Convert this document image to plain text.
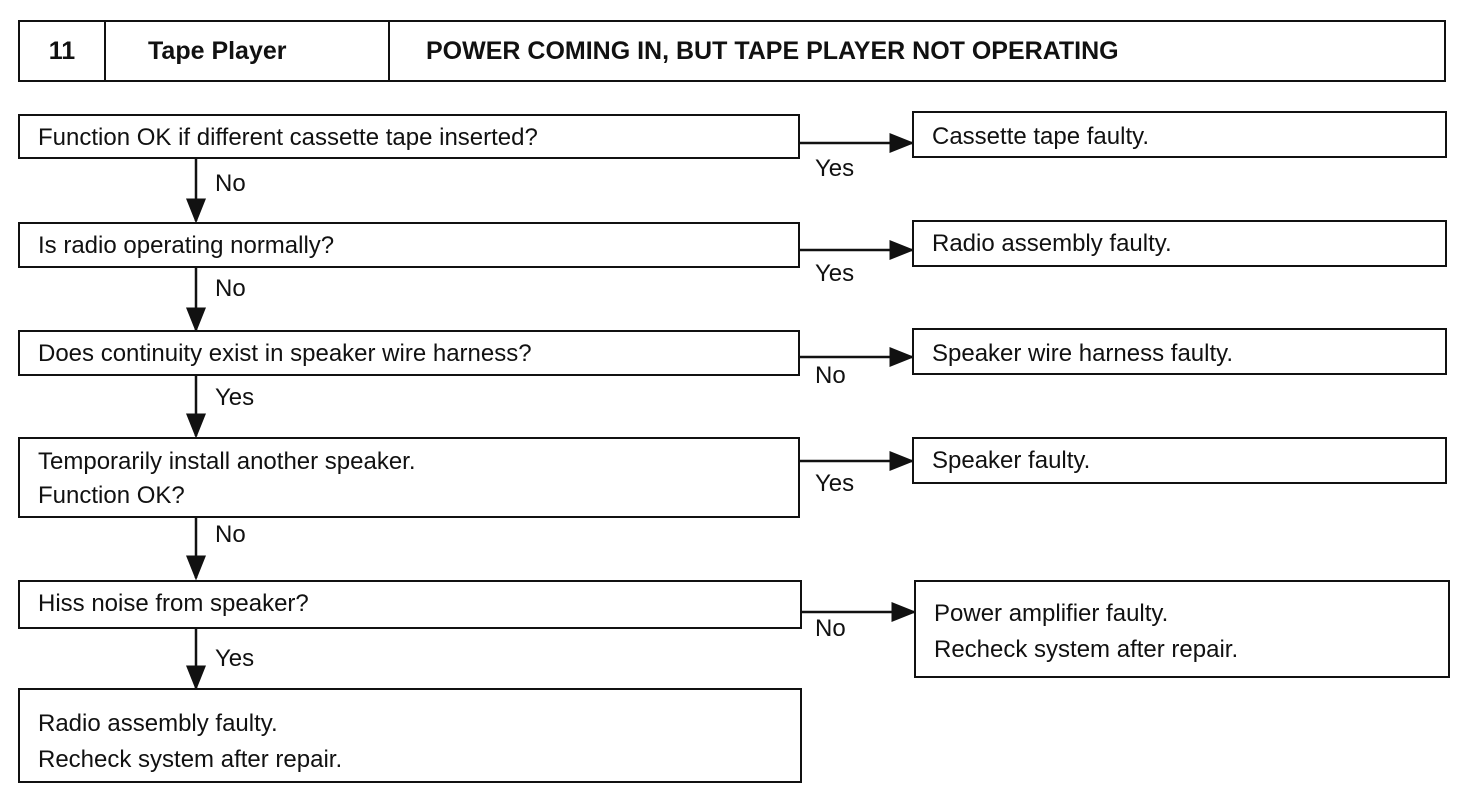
11	Tape Player	POWER COMING IN, BUT TAPE PLAYER NOT OPERATING
Function OK if different cassette tape inserted?
Yes
Cassette tape faulty.
No
Is radio operating normally?
Yes
Radio assembly faulty.
No
Does continuity exist in speaker wire harness?
No
Speaker wire harness faulty.
Yes
Temporarily install another speaker.
Function OK?	Yes
Speaker faulty.
No
Hiss noise from speaker?
No
Power amplifier faulty.
Recheck system after repair.
Yes
Radio assembly faulty.
Recheck system after repair.
